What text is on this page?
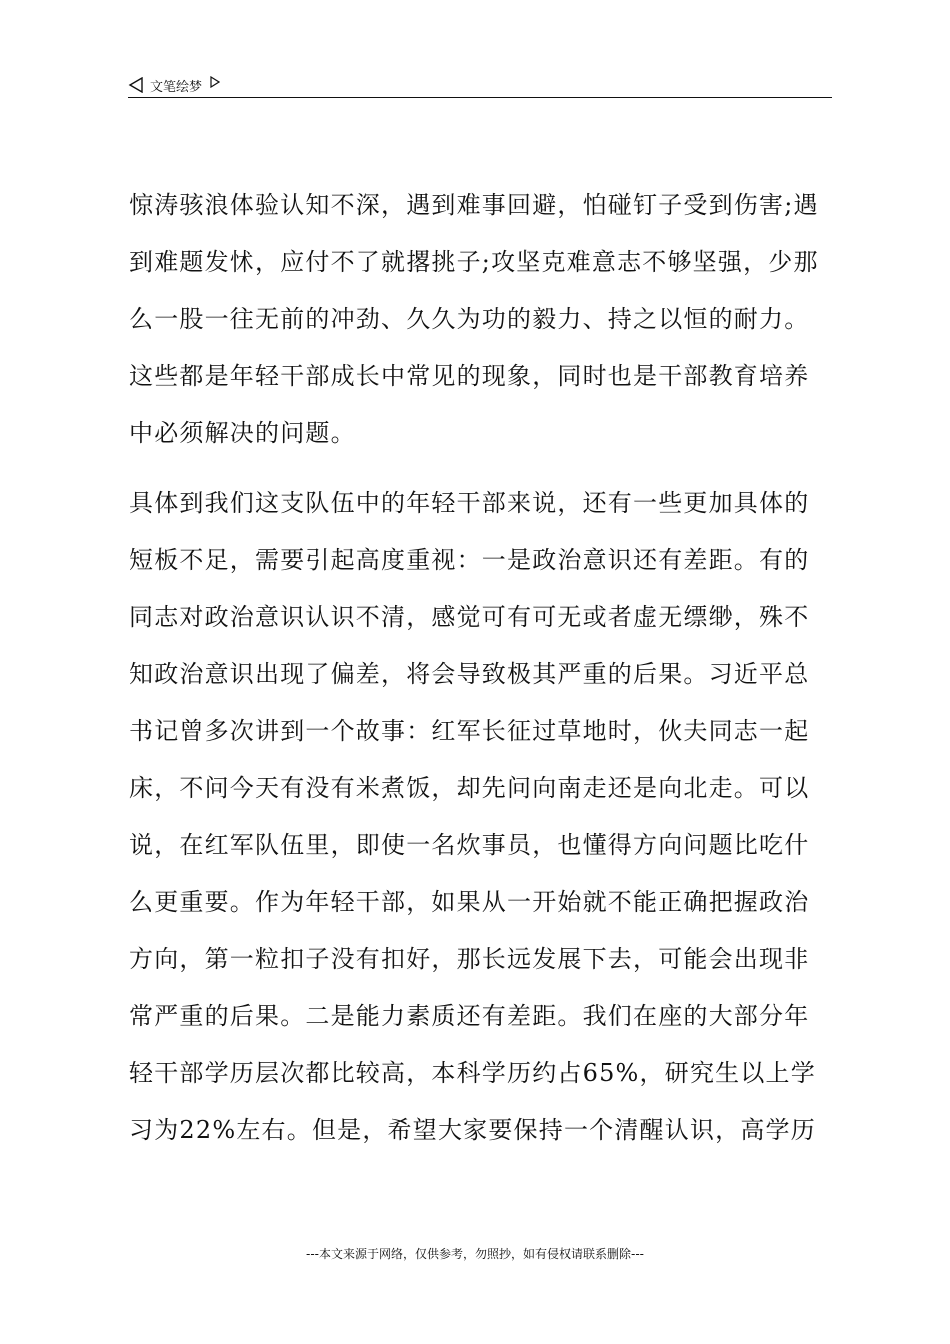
文笔绘梦
惊涛骇浪体验认知不深，遇到难事回避，怕碰钉子受到伤害;遇
到难题发怵，应付不了就撂挑子;攻坚克难意志不够坚强，少那
么一股一往无前的冲劲、久久为功的毅力、持之以恒的耐力。
这些都是年轻干部成长中常见的现象，同时也是干部教育培养
中必须解决的问题。
具体到我们这支队伍中的年轻干部来说，还有一些更加具体的
短板不足，需要引起高度重视：一是政治意识还有差距。有的
同志对政治意识认识不清，感觉可有可无或者虚无缥缈，殊不
知政治意识出现了偏差，将会导致极其严重的后果。习近平总
书记曾多次讲到一个故事：红军长征过草地时，伙夫同志一起
床，不问今天有没有米煮饭，却先问向南走还是向北走。可以
说，在红军队伍里，即使一名炊事员，也懂得方向问题比吃什
么更重要。作为年轻干部，如果从一开始就不能正确把握政治
方向，第一粒扣子没有扣好，那长远发展下去，可能会出现非
常严重的后果。二是能力素质还有差距。我们在座的大部分年
轻干部学历层次都比较高，本科学历约占65%，研究生以上学
习为22%左右。但是，希望大家要保持一个清醒认识，高学历
---本文来源于网络，仅供参考，勿照抄，如有侵权请联系删除---
